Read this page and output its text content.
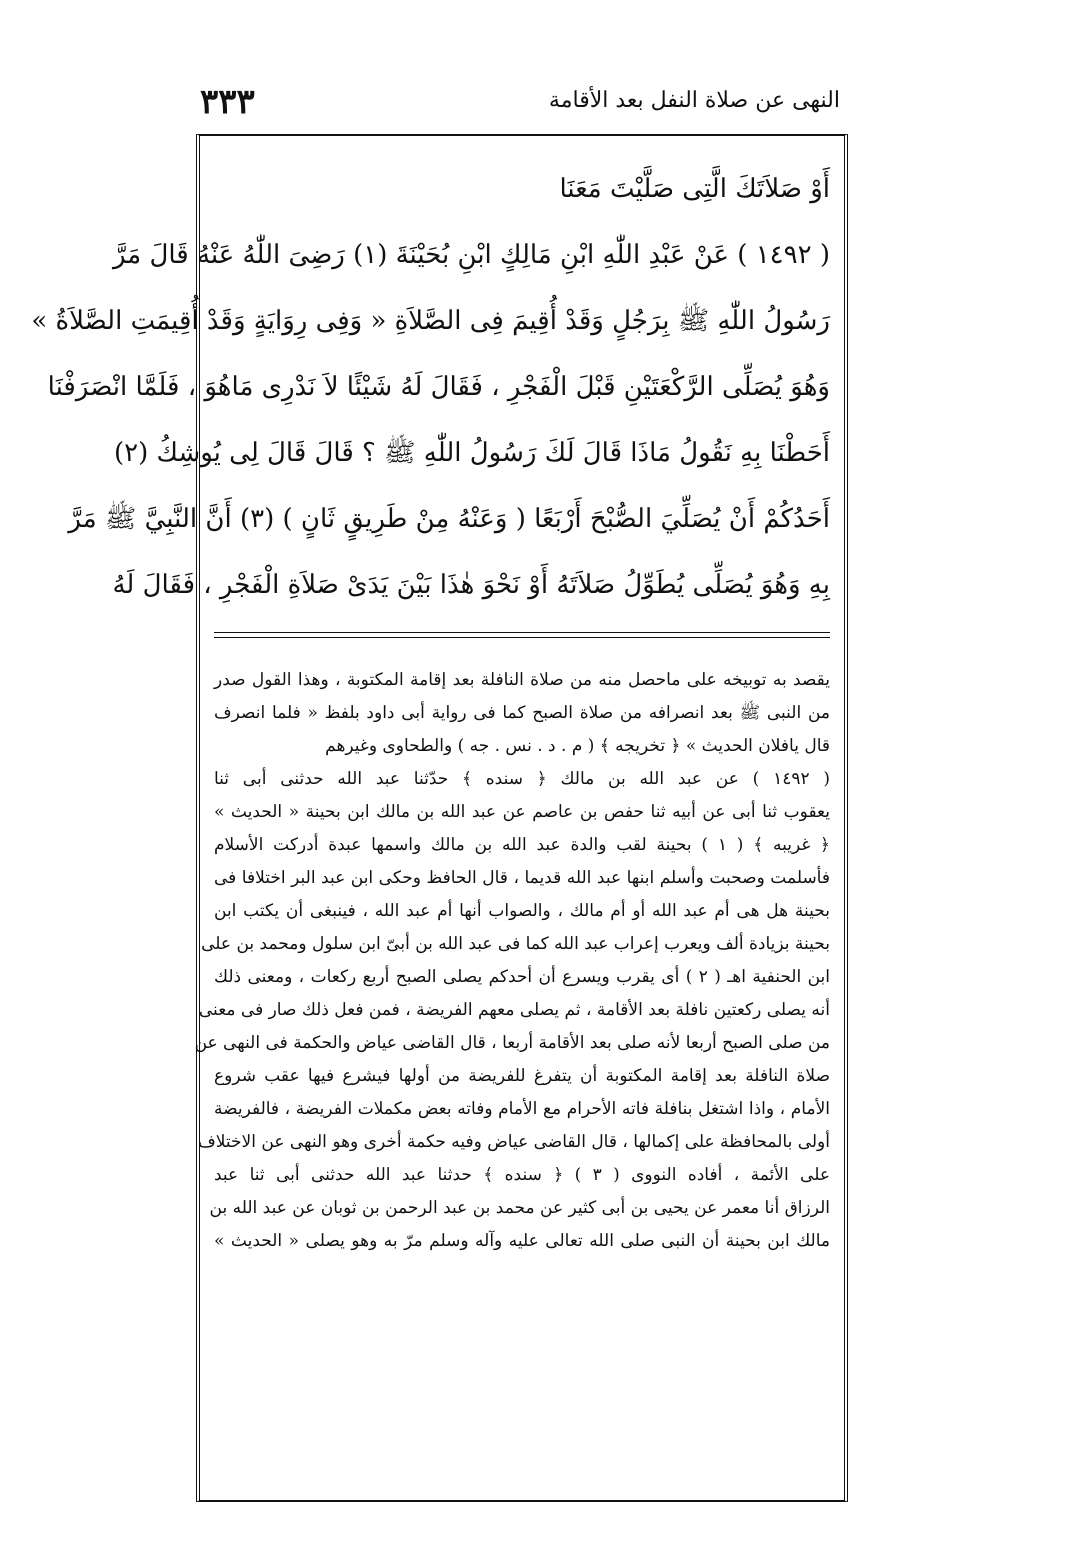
٣٣٣	النهى عن صلاة النفل بعد الأقامة
أَوْ صَلاَتَكَ الَّتِى صَلَّيْتَ مَعَنَا
( ١٤٩٢ ) عَنْ عَبْدِ اللّٰهِ ابْنِ مَالِكٍ ابْنِ بُحَيْنَةَ (١) رَضِىَ اللّٰهُ عَنْهُ قَالَ مَرَّ
رَسُولُ اللّٰهِ ﷺ بِرَجُلٍ وَقَدْ أُقِيمَ فِى الصَّلاَةِ « وَفِى رِوَايَةٍ وَقَدْ أُقِيمَتِ الصَّلاَةُ »
وَهُوَ يُصَلِّى الرَّكْعَتَيْنِ قَبْلَ الْفَجْرِ ، فَقَالَ لَهُ شَيْئًا لاَ نَدْرِى مَاهُوَ ، فَلَمَّا انْصَرَفْنَا
أَحَطْنَا بِهِ نَقُولُ مَاذَا قَالَ لَكَ رَسُولُ اللّٰهِ ﷺ ؟ قَالَ قَالَ لِى يُوشِكُ (٢)
أَحَدُكُمْ أَنْ يُصَلِّيَ الصُّبْحَ أَرْبَعًا ( وَعَنْهُ مِنْ طَرِيقٍ ثَانٍ ) (٣) أَنَّ النَّبِيَّ ﷺ مَرَّ
بِهِ وَهُوَ يُصَلِّى يُطَوِّلُ صَلاَتَهُ أَوْ نَحْوَ هٰذَا بَيْنَ يَدَىْ صَلاَةِ الْفَجْرِ ، فَقَالَ لَهُ
يقصد به توبيخه على ماحصل منه من صلاة النافلة بعد إقامة المكتوبة ، وهذا القول صدر
من النبى ﷺ بعد انصرافه من صلاة الصبح كما فى رواية أبى داود بلفظ « فلما انصرف
قال يافلان الحديث » ﴿ تخريجه ﴾ ( م . د . نس . جه ) والطحاوى وغيرهم
( ١٤٩٢ ) عن عبد الله بن مالك ﴿ سنده ﴾ حدّثنا عبد الله حدثنى أبى ثنا
يعقوب ثنا أبى عن أبيه ثنا حفص بن عاصم عن عبد الله بن مالك ابن بحينة « الحديث »
﴿ غريبه ﴾ ( ١ ) بحينة لقب والدة عبد الله بن مالك واسمها عبدة أدركت الأسلام
فأسلمت وصحبت وأسلم ابنها عبد الله قديما ، قال الحافظ وحكى ابن عبد البر اختلافا فى
بحينة هل هى أم عبد الله أو أم مالك ، والصواب أنها أم عبد الله ، فينبغى أن يكتب ابن
بحينة بزيادة ألف ويعرب إعراب عبد الله كما فى عبد الله بن أبىّ ابن سلول ومحمد بن على
ابن الحنفية اهـ ( ٢ ) أى يقرب ويسرع أن أحدكم يصلى الصبح أربع ركعات ، ومعنى ذلك
أنه يصلى ركعتين نافلة بعد الأقامة ، ثم يصلى معهم الفريضة ، فمن فعل ذلك صار فى معنى
من صلى الصبح أربعا لأنه صلى بعد الأقامة أربعا ، قال القاضى عياض والحكمة فى النهى عن
صلاة النافلة بعد إقامة المكتوبة أن يتفرغ للفريضة من أولها فيشرع فيها عقب شروع
الأمام ، واذا اشتغل بنافلة فاته الأحرام مع الأمام وفاته بعض مكملات الفريضة ، فالفريضة
أولى بالمحافظة على إكمالها ، قال القاضى عياض وفيه حكمة أخرى وهو النهى عن الاختلاف
على الأئمة ، أفاده النووى ( ٣ ) ﴿ سنده ﴾ حدثنا عبد الله حدثنى أبى ثنا عبد
الرزاق أنا معمر عن يحيى بن أبى كثير عن محمد بن عبد الرحمن بن ثوبان عن عبد الله بن
مالك ابن بحينة أن النبى صلى الله تعالى عليه وآله وسلم مرّ به وهو يصلى « الحديث »
